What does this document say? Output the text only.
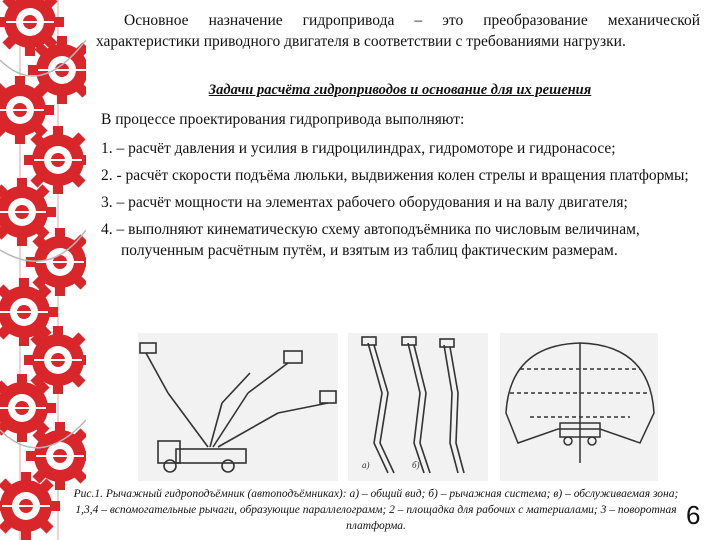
Основное назначение гидропривода – это преобразование механической характеристики приводного двигателя в соответствии с требованиями нагрузки.

Задачи расчёта гидроприводов и основание для их решения

В процессе проектирования гидропривода выполняют:

1. – расчёт давления и усилия в гидроцилиндрах, гидромоторе и гидронасосе;
2. - расчёт скорости подъёма люльки, выдвижения колен стрелы и вращения платформы;
3. – расчёт мощности на элементах рабочего оборудования и на валу двигателя;
4. – выполняют кинематическую схему автоподъёмника по числовым величинам, полученным расчётным путём, и взятым из таблиц фактическим размерам.
а)	б)

Рис.1. Рычажный гидроподъёмник (автоподъёмниках): а) – общий вид; б) – рычажная система; в) – обслуживаемая зона; 1,3,4 – вспомогательные рычаги, образующие параллелограмм; 2 – площадка для рабочих с материалами; 3 – поворотная платформа.	6
